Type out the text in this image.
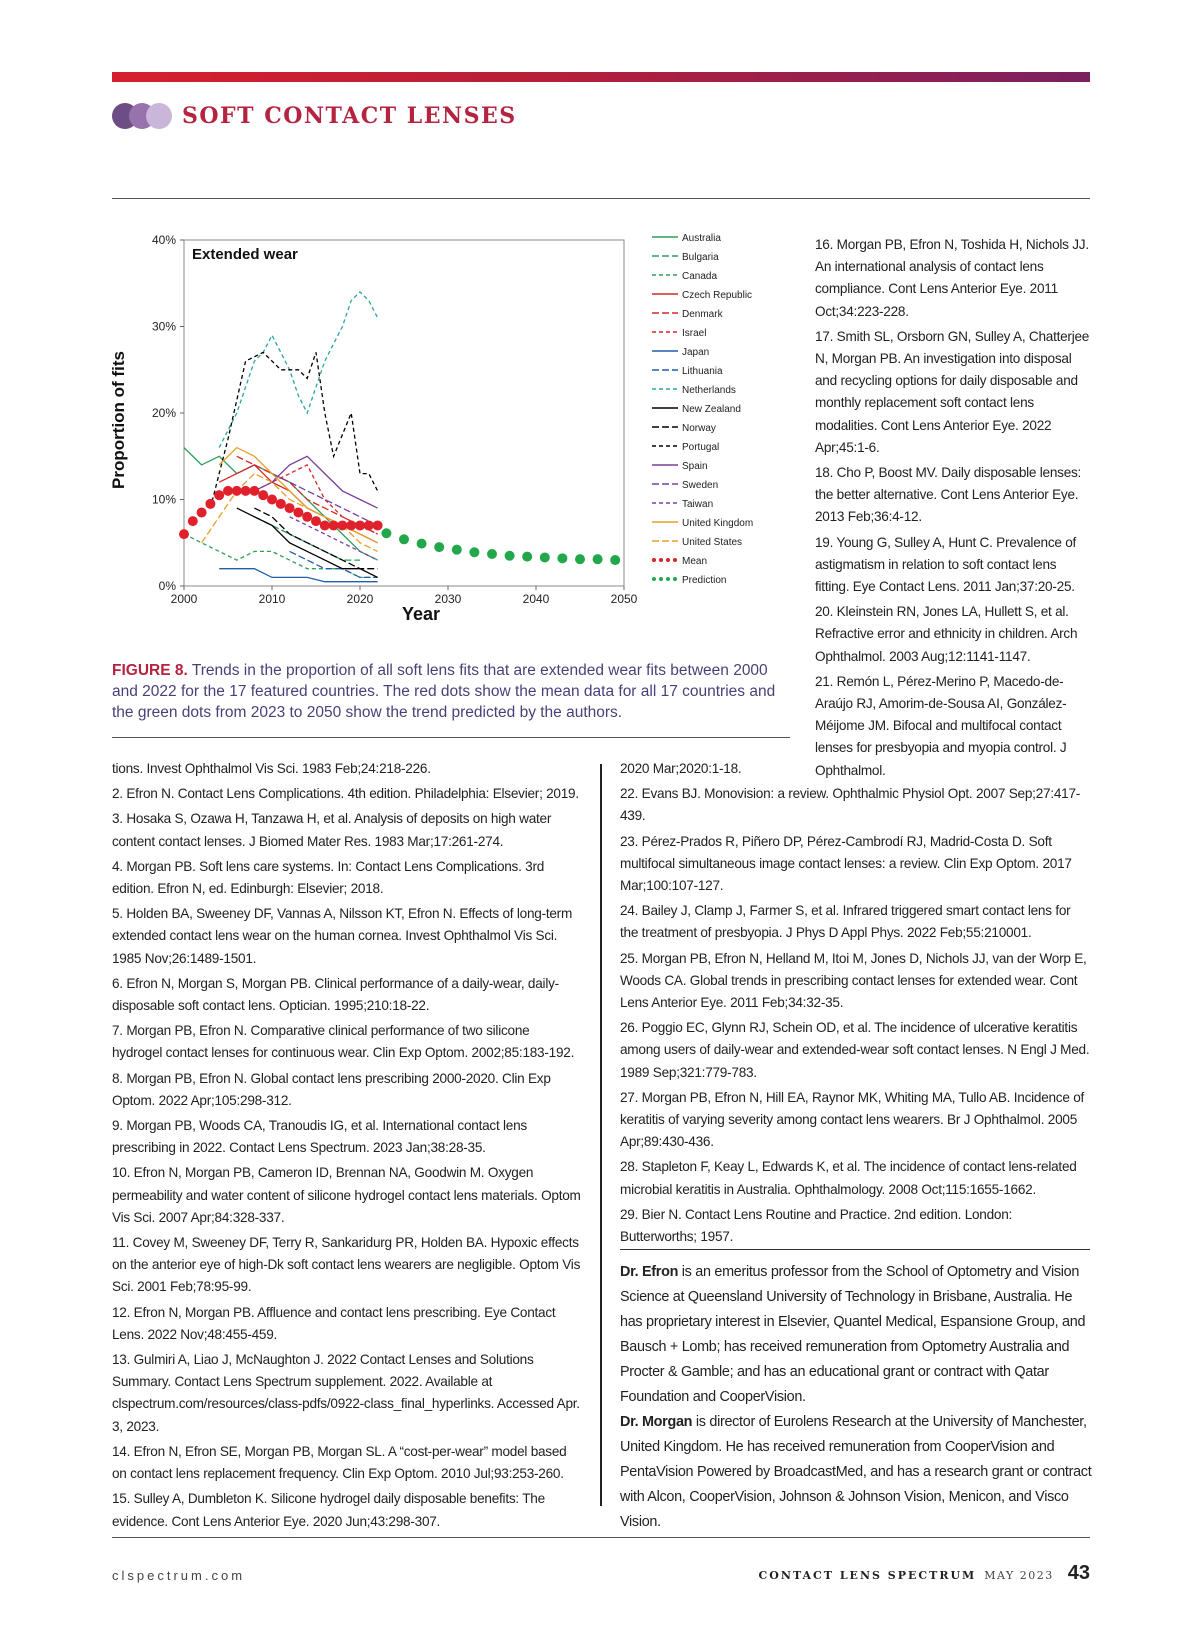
SOFT CONTACT LENSES
0%
10%
20%
30%
40%
2000	2010	2020	2030	2040	2050
Australia
Bulgaria
Canada
Czech Republic
Denmark
Israel
Japan
Lithuania
Netherlands
New Zealand
Norway
Portugal
Spain
Sweden
Taiwan
United Kingdom
United States
Mean
Prediction
Extended wear
Proportion of fits
Year
FIGURE 8. Trends in the proportion of all soft lens fits that are extended wear fits between 2000 and 2022 for the 17 featured countries. The red dots show the mean data for all 17 countries and the green dots from 2023 to 2050 show the trend predicted by the authors.

16. Morgan PB, Efron N, Toshida H, Nichols JJ. An international analysis of contact lens compliance. Cont Lens Anterior Eye. 2011 Oct;34:223-228.

17. Smith SL, Orsborn GN, Sulley A, Chatterjee N, Morgan PB. An investigation into disposal and recycling options for daily disposable and monthly replacement soft contact lens modalities. Cont Lens Anterior Eye. 2022 Apr;45:1-6.

18. Cho P, Boost MV. Daily disposable lenses: the better alternative. Cont Lens Anterior Eye. 2013 Feb;36:4-12.

19. Young G, Sulley A, Hunt C. Prevalence of astigmatism in relation to soft contact lens fitting. Eye Contact Lens. 2011 Jan;37:20-25.

20. Kleinstein RN, Jones LA, Hullett S, et al. Refractive error and ethnicity in children. Arch Ophthalmol. 2003 Aug;12:1141-1147.

21. Remón L, Pérez-Merino P, Macedo-de-Araújo RJ, Amorim-de-Sousa AI, González-Méijome JM. Bifocal and multifocal contact lenses for presbyopia and myopia control. J Ophthalmol.

tions. Invest Ophthalmol Vis Sci. 1983 Feb;24:218-226.

2. Efron N. Contact Lens Complications. 4th edition. Philadelphia: Elsevier; 2019.

3. Hosaka S, Ozawa H, Tanzawa H, et al. Analysis of deposits on high water content contact lenses. J Biomed Mater Res. 1983 Mar;17:261-274.

4. Morgan PB. Soft lens care systems. In: Contact Lens Complications. 3rd edition. Efron N, ed. Edinburgh: Elsevier; 2018.

5. Holden BA, Sweeney DF, Vannas A, Nilsson KT, Efron N. Effects of long-term extended contact lens wear on the human cornea. Invest Ophthalmol Vis Sci. 1985 Nov;26:1489-1501.

6. Efron N, Morgan S, Morgan PB. Clinical performance of a daily-wear, daily-disposable soft contact lens. Optician. 1995;210:18-22.

7. Morgan PB, Efron N. Comparative clinical performance of two silicone hydrogel contact lenses for continuous wear. Clin Exp Optom. 2002;85:183-192.

8. Morgan PB, Efron N. Global contact lens prescribing 2000-2020. Clin Exp Optom. 2022 Apr;105:298-312.

9. Morgan PB, Woods CA, Tranoudis IG, et al. International contact lens prescribing in 2022. Contact Lens Spectrum. 2023 Jan;38:28-35.

10. Efron N, Morgan PB, Cameron ID, Brennan NA, Goodwin M. Oxygen permeability and water content of silicone hydrogel contact lens materials. Optom Vis Sci. 2007 Apr;84:328-337.

11. Covey M, Sweeney DF, Terry R, Sankaridurg PR, Holden BA. Hypoxic effects on the anterior eye of high-Dk soft contact lens wearers are negligible. Optom Vis Sci. 2001 Feb;78:95-99.

12. Efron N, Morgan PB. Affluence and contact lens prescribing. Eye Contact Lens. 2022 Nov;48:455-459.

13. Gulmiri A, Liao J, McNaughton J. 2022 Contact Lenses and Solutions Summary. Contact Lens Spectrum supplement. 2022. Available at clspectrum.com/resources/class-pdfs/0922-class_final_hyperlinks. Accessed Apr. 3, 2023.

14. Efron N, Efron SE, Morgan PB, Morgan SL. A “cost-per-wear” model based on contact lens replacement frequency. Clin Exp Optom. 2010 Jul;93:253-260.

15. Sulley A, Dumbleton K. Silicone hydrogel daily disposable benefits: The evidence. Cont Lens Anterior Eye. 2020 Jun;43:298-307.

2020 Mar;2020:1-18.

22. Evans BJ. Monovision: a review. Ophthalmic Physiol Opt. 2007 Sep;27:417-439.

23. Pérez-Prados R, Piñero DP, Pérez-Cambrodí RJ, Madrid-Costa D. Soft multifocal simultaneous image contact lenses: a review. Clin Exp Optom. 2017 Mar;100:107-127.

24. Bailey J, Clamp J, Farmer S, et al. Infrared triggered smart contact lens for the treatment of presbyopia. J Phys D Appl Phys. 2022 Feb;55:210001.

25. Morgan PB, Efron N, Helland M, Itoi M, Jones D, Nichols JJ, van der Worp E, Woods CA. Global trends in prescribing contact lenses for extended wear. Cont Lens Anterior Eye. 2011 Feb;34:32-35.

26. Poggio EC, Glynn RJ, Schein OD, et al. The incidence of ulcerative keratitis among users of daily-wear and extended-wear soft contact lenses. N Engl J Med. 1989 Sep;321:779-783.

27. Morgan PB, Efron N, Hill EA, Raynor MK, Whiting MA, Tullo AB. Incidence of keratitis of varying severity among contact lens wearers. Br J Ophthalmol. 2005 Apr;89:430-436.

28. Stapleton F, Keay L, Edwards K, et al. The incidence of contact lens-related microbial keratitis in Australia. Ophthalmology. 2008 Oct;115:1655-1662.

29. Bier N. Contact Lens Routine and Practice. 2nd edition. London: Butterworths; 1957.

Dr. Efron is an emeritus professor from the School of Optometry and Vision Science at Queensland University of Technology in Brisbane, Australia. He has proprietary interest in Elsevier, Quantel Medical, Espansione Group, and Bausch + Lomb; has received remuneration from Optometry Australia and Procter & Gamble; and has an educational grant or contract with Qatar Foundation and CooperVision.

Dr. Morgan is director of Eurolens Research at the University of Manchester, United Kingdom. He has received remuneration from CooperVision and PentaVision Powered by BroadcastMed, and has a research grant or contract with Alcon, CooperVision, Johnson & Johnson Vision, Menicon, and Visco Vision.

clspectrum.com	CONTACT LENS SPECTRUM MAY 2023 43
